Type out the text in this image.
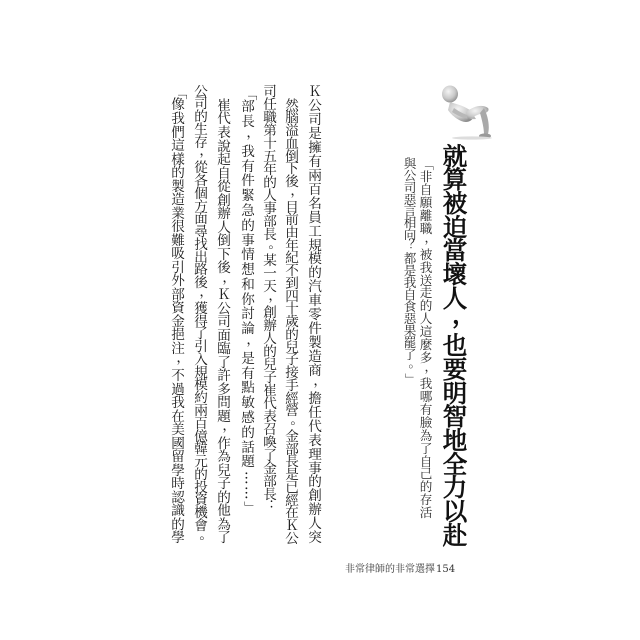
就
算
被
迫
當
壞
人
，
也
要
明
智
地
全
力
以
赴
「
非
自
願
離
職
，
被
我
送
走
的
人
這
麼
多
，
我
哪
有
臉
為
了
自
己
的
存
活
與
公
司
惡
言
相
向
？
都
是
我
自
食
惡
果
罷
了
。
」
Ｋ
公
司
是
擁
有
兩
百
名
員
工
規
模
的
汽
車
零
件
製
造
商
，
擔
任
代
表
理
事
的
創
辦
人
突
然
腦
溢
血
倒
下
後
，
目
前
由
年
紀
不
到
四
十
歲
的
兒
子
接
手
經
營
。
金
部
長
是
已
經
在
Ｋ
公
司
任
職
第
十
五
年
的
人
事
部
長
。
某
一
天
，
創
辦
人
的
兒
子
崔
代
表
召
喚
了
金
部
長
：
「
部
長
，
我
有
件
緊
急
的
事
情
想
和
你
討
論
，
是
有
點
敏
感
的
話
題
…
…
」
崔
代
表
說
起
自
從
創
辦
人
倒
下
後
，
Ｋ
公
司
面
臨
了
許
多
問
題
，
作
為
兒
子
的
他
為
了
公
司
的
生
存
，
從
各
個
方
面
尋
找
出
路
後
，
獲
得
了
引
入
規
模
約
兩
百
億
韓
元
的
投
資
機
會
。
「
像
我
們
這
樣
的
製
造
業
很
難
吸
引
外
部
資
金
挹
注
，
不
過
我
在
美
國
留
學
時
認
識
的
學
非常律師的非常選擇 154
